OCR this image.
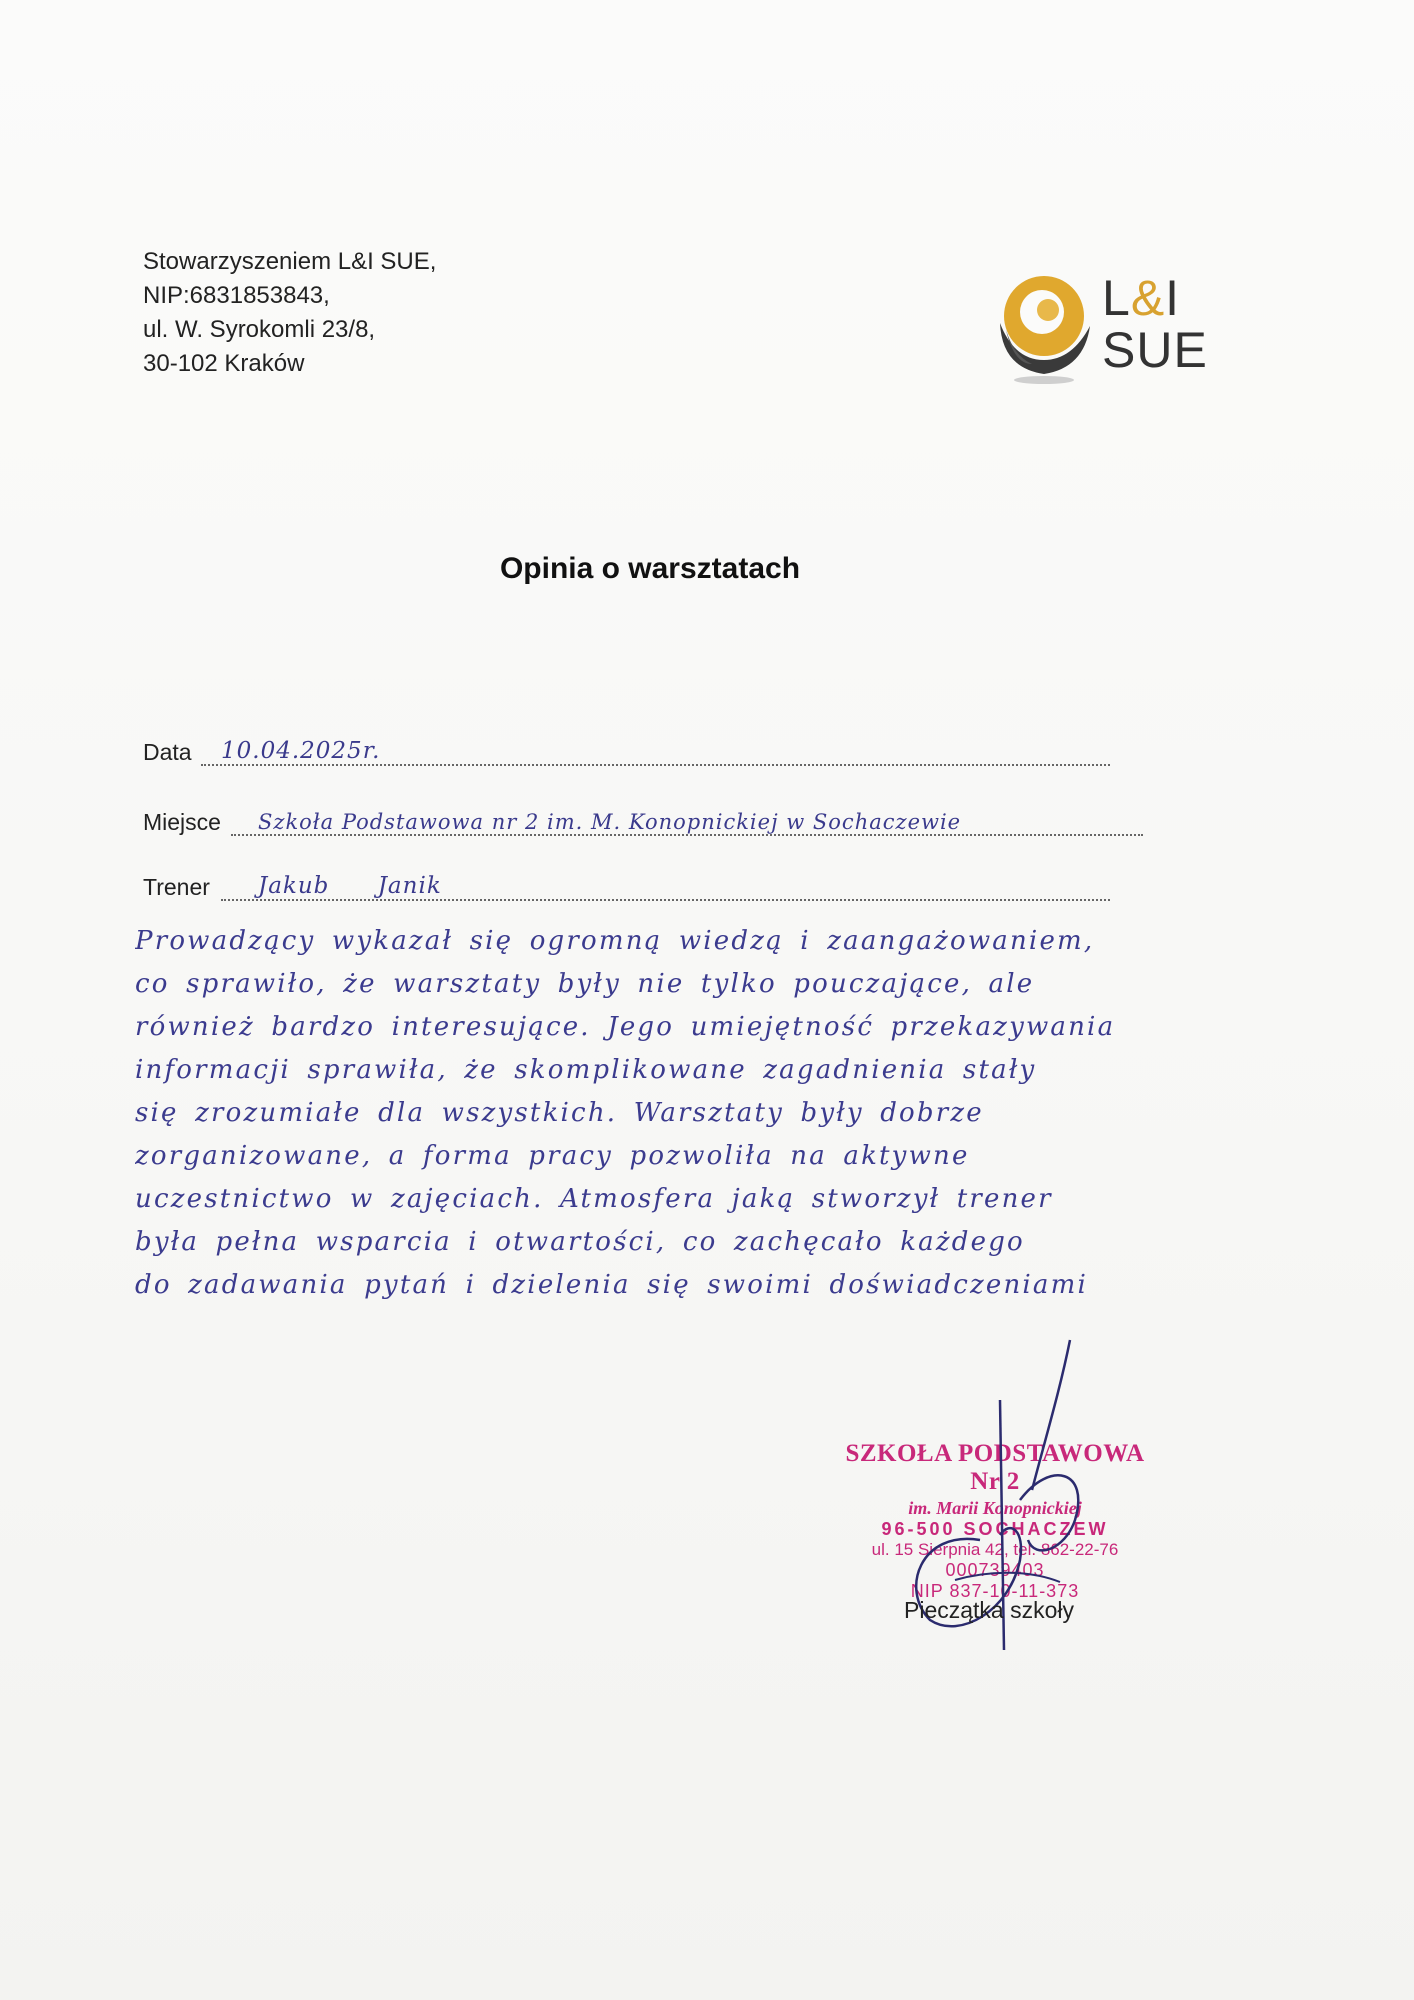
Stowarzyszeniem L&I SUE,
NIP:6831853843,
ul. W. Syrokomli 23/8,
30-102 Kraków
L&I
SUE
Opinia o warsztatach
Data 10.04.2025r.
Miejsce Szkoła Podstawowa nr 2 im. M. Konopnickiej w Sochaczewie
Trener Jakub Janik
Prowadzący wykazał się ogromną wiedzą i zaangażowaniem,
co sprawiło, że warsztaty były nie tylko pouczające, ale
również bardzo interesujące. Jego umiejętność przekazywania
informacji sprawiła, że skomplikowane zagadnienia stały
się zrozumiałe dla wszystkich. Warsztaty były dobrze
zorganizowane, a forma pracy pozwoliła na aktywne
uczestnictwo w zajęciach. Atmosfera jaką stworzył trener
była pełna wsparcia i otwartości, co zachęcało każdego
do zadawania pytań i dzielenia się swoimi doświadczeniami
SZKOŁA PODSTAWOWA Nr 2
im. Marii Konopnickiej
96-500 SOCHACZEW
ul. 15 Sierpnia 42, tel. 862-22-76
000739403
NIP 837-10-11-373
Pieczątka szkoły
